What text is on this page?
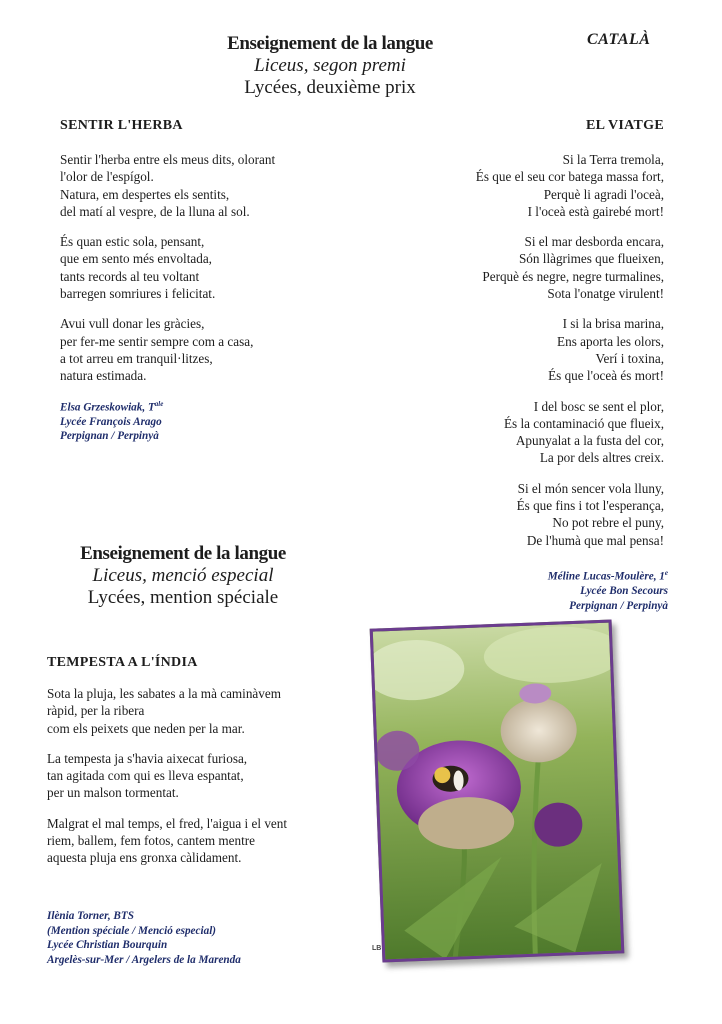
CATALÀ
Enseignement de la langue
Liceus, segon premi
Lycées, deuxième prix
SENTIR L'HERBA
Sentir l'herba entre els meus dits, olorant
l'olor de l'espígol.
Natura, em despertes els sentits,
del matí al vespre, de la lluna al sol.
És quan estic sola, pensant,
que em sento més envoltada,
tants records al teu voltant
barregen somriures i felicitat.
Avui vull donar les gràcies,
per fer-me sentir sempre com a casa,
a tot arreu em tranquil·litzes,
natura estimada.
Elsa Grzeskowiak, $T^{ale}$
Lycée François Arago
Perpignan / Perpinyà
EL VIATGE
Si la Terra tremola,
És que el seu cor batega massa fort,
Perquè li agradi l'oceà,
I l'oceà està gairebé mort!
Si el mar desborda encara,
Són llàgrimes que flueixen,
Perquè és negre, negre turmalines,
Sota l'onatge virulent!
I si la brisa marina,
Ens aporta les olors,
Verí i toxina,
És que l'oceà és mort!
I del bosc se sent el plor,
És la contaminació que flueix,
Apunyalat a la fusta del cor,
La por dels altres creix.
Si el món sencer vola lluny,
És que fins i tot l'esperança,
No pot rebre el puny,
De l'humà que mal pensa!
Méline Lucas-Moulère, 1e
Lycée Bon Secours
Perpignan / Perpinyà
Enseignement de la langue
Liceus, menció especial
Lycées, mention spéciale
TEMPESTA A L'ÍNDIA
Sota la pluja, les sabates a la mà caminàvem
ràpid, per la ribera
com els peixets que neden per la mar.
La tempesta ja s'havia aixecat furiosa,
tan agitada com qui es lleva espantat,
per un malson tormentat.
Malgrat el mal temps, el fred, l'aigua i el vent
riem, ballem, fem fotos, cantem mentre
aquesta pluja ens gronxa càlidament.
Ilènia Torner, BTS
(Mention spéciale / Menció especial)
Lycée Christian Bourquin
Argelès-sur-Mer / Argelers de la Marenda
LB
